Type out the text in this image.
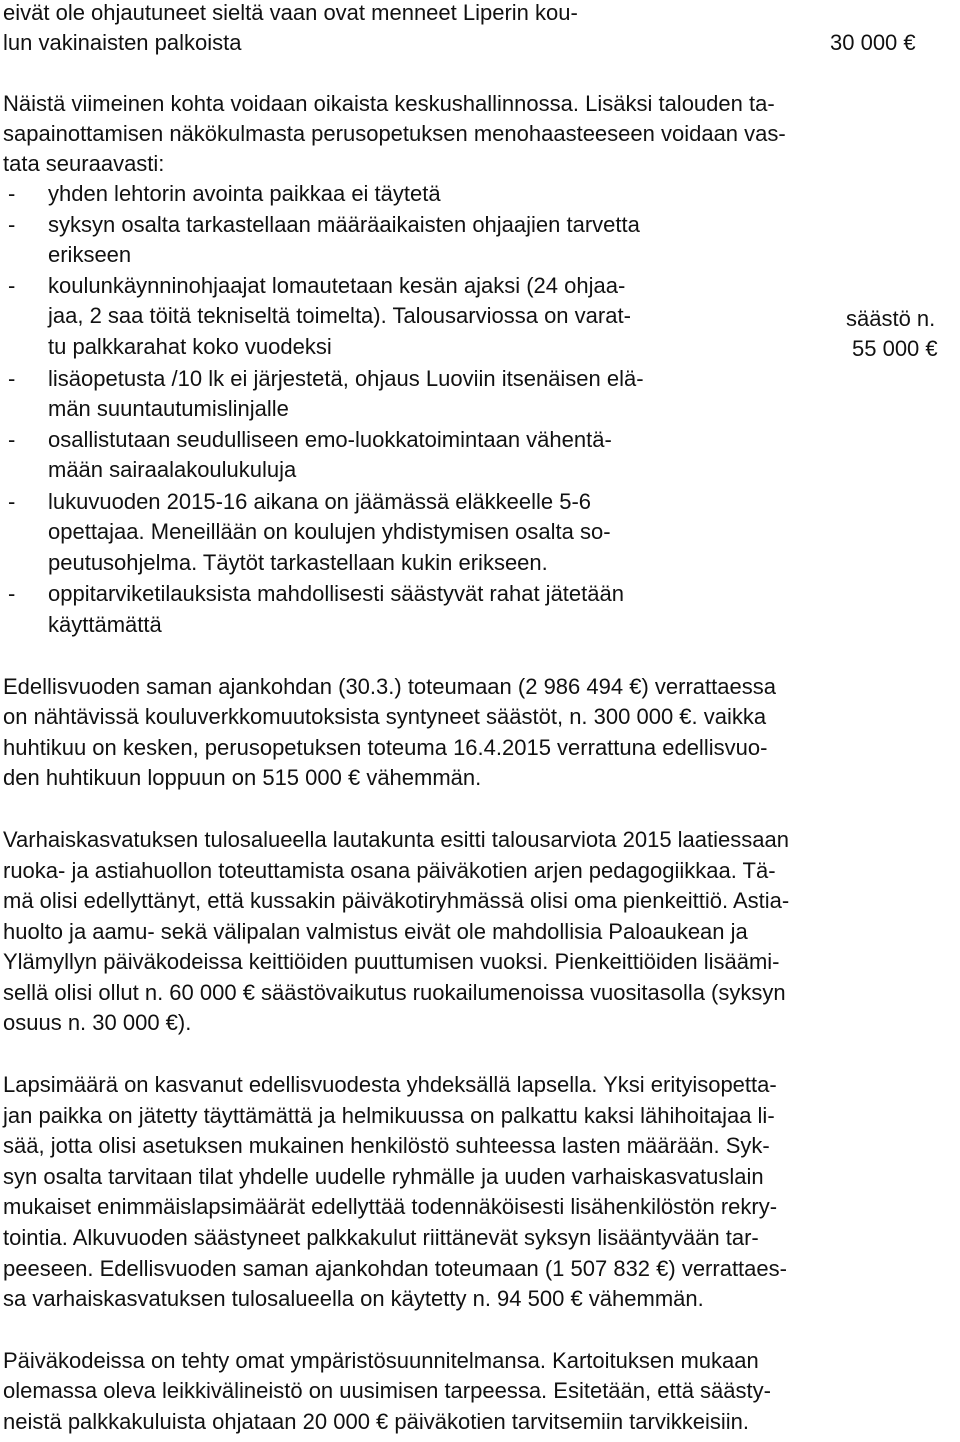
eivät ole ohjautuneet sieltä vaan ovat menneet Liperin kou-
lun vakinaisten palkoista	30 000 €
Näistä viimeinen kohta voidaan oikaista keskushallinnossa. Lisäksi talouden ta-
sapainottamisen näkökulmasta perusopetuksen menohaasteeseen voidaan vas-
tata seuraavasti:
- yhden lehtorin avointa paikkaa ei täytetä
- syksyn osalta tarkastellaan määräaikaisten ohjaajien tarvetta
erikseen
- koulunkäynninohjaajat lomautetaan kesän ajaksi (24 ohjaa-
jaa, 2 saa töitä tekniseltä toimelta). Talousarviossa on varat-	säästö n.
tu palkkarahat koko vuodeksi	55 000 €
- lisäopetusta /10 lk ei järjestetä, ohjaus Luoviin itsenäisen elä-
män suuntautumislinjalle
- osallistutaan seudulliseen emo-luokkatoimintaan vähentä-
mään sairaalakoulukuluja
- lukuvuoden 2015-16 aikana on jäämässä eläkkeelle 5-6
opettajaa. Meneillään on koulujen yhdistymisen osalta so-
peutusohjelma. Täytöt tarkastellaan kukin erikseen.
- oppitarviketilauksista mahdollisesti säästyvät rahat jätetään
käyttämättä
Edellisvuoden saman ajankohdan (30.3.) toteumaan (2 986 494 €) verrattaessa
on nähtävissä kouluverkkomuutoksista syntyneet säästöt, n. 300 000 €. vaikka
huhtikuu on kesken, perusopetuksen toteuma 16.4.2015 verrattuna edellisvuo-
den huhtikuun loppuun on 515 000 € vähemmän.
Varhaiskasvatuksen tulosalueella lautakunta esitti talousarviota 2015 laatiessaan
ruoka- ja astiahuollon toteuttamista osana päiväkotien arjen pedagogiikkaa. Tä-
mä olisi edellyttänyt, että kussakin päiväkotiryhmässä olisi oma pienkeittiö. Astia-
huolto ja aamu- sekä välipalan valmistus eivät ole mahdollisia Paloaukean ja
Ylämyllyn päiväkodeissa keittiöiden puuttumisen vuoksi. Pienkeittiöiden lisäämi-
sellä olisi ollut n. 60 000 € säästövaikutus ruokailumenoissa vuositasolla (syksyn
osuus n. 30 000 €).
Lapsimäärä on kasvanut edellisvuodesta yhdeksällä lapsella. Yksi erityisopetta-
jan paikka on jätetty täyttämättä ja helmikuussa on palkattu kaksi lähihoitajaa li-
sää, jotta olisi asetuksen mukainen henkilöstö suhteessa lasten määrään. Syk-
syn osalta tarvitaan tilat yhdelle uudelle ryhmälle ja uuden varhaiskasvatuslain
mukaiset enimmäislapsimäärät edellyttää todennäköisesti lisähenkilöstön rekry-
tointia. Alkuvuoden säästyneet palkkakulut riittänevät syksyn lisääntyvään tar-
peeseen. Edellisvuoden saman ajankohdan toteumaan (1 507 832 €) verrattaes-
sa varhaiskasvatuksen tulosalueella on käytetty n. 94 500 € vähemmän.
Päiväkodeissa on tehty omat ympäristösuunnitelmansa. Kartoituksen mukaan
olemassa oleva leikkivälineistö on uusimisen tarpeessa. Esitetään, että säästy-
neistä palkkakuluista ohjataan 20 000 € päiväkotien tarvitsemiin tarvikkeisiin.
